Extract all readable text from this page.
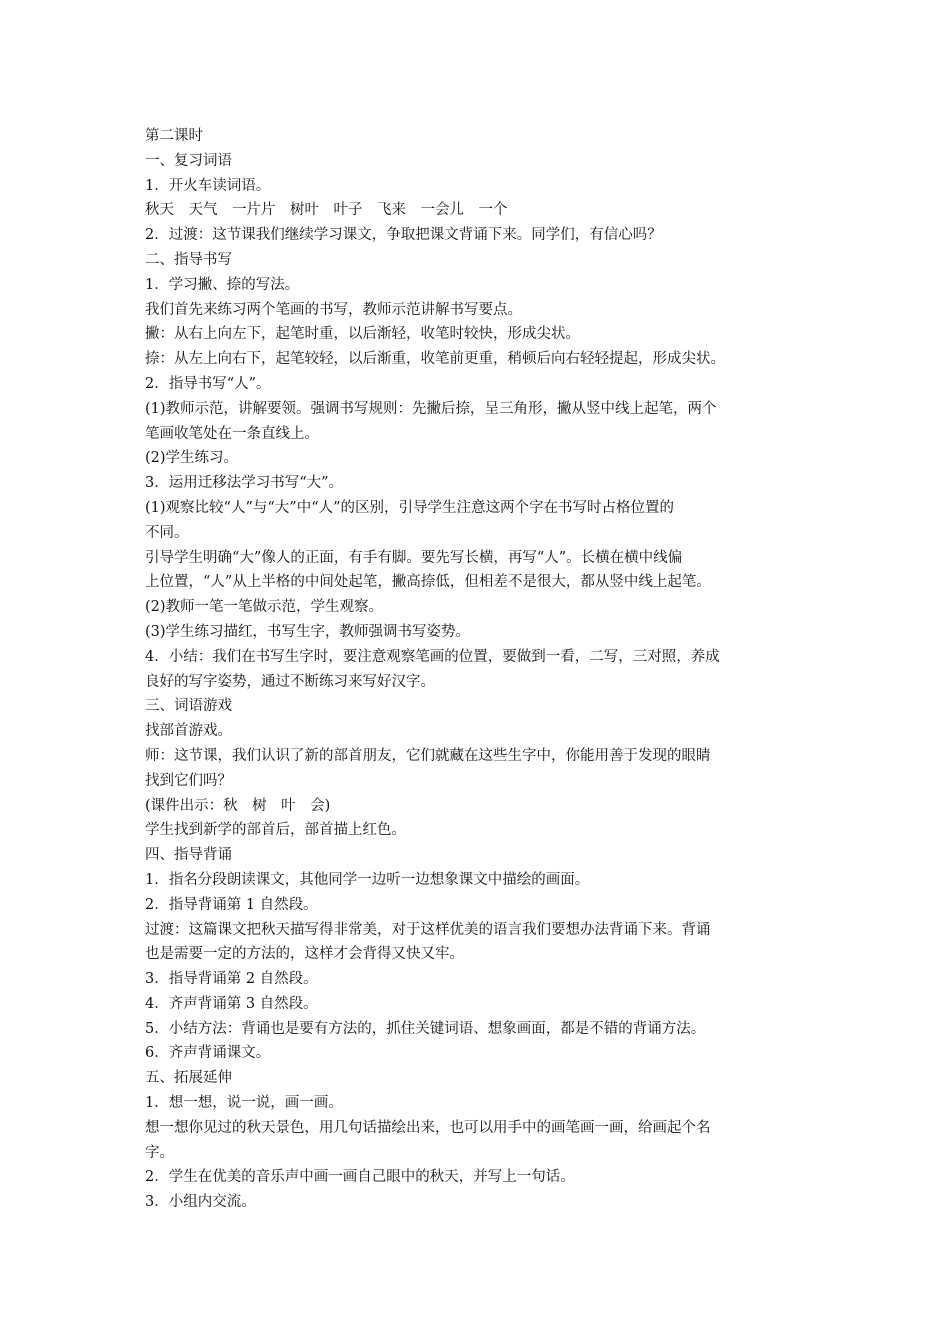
第二课时

一、复习词语

1．开火车读词语。

秋天　天气　一片片　树叶　叶子　飞来　一会儿　一个

2．过渡：这节课我们继续学习课文，争取把课文背诵下来。同学们，有信心吗？

二、指导书写

1．学习撇、捺的写法。

我们首先来练习两个笔画的书写，教师示范讲解书写要点。

撇：从右上向左下，起笔时重，以后渐轻，收笔时较快，形成尖状。

捺：从左上向右下，起笔较轻，以后渐重，收笔前更重，稍顿后向右轻轻提起，形成尖状。

2．指导书写“人”。

(1)教师示范，讲解要领。强调书写规则：先撇后捺，呈三角形，撇从竖中线上起笔，两个

笔画收笔处在一条直线上。

(2)学生练习。

3．运用迁移法学习书写“大”。

(1)观察比较“人”与“大”中“人”的区别，引导学生注意这两个字在书写时占格位置的

不同。

引导学生明确“大”像人的正面，有手有脚。要先写长横，再写“人”。长横在横中线偏

上位置，“人”从上半格的中间处起笔，撇高捺低，但相差不是很大，都从竖中线上起笔。

(2)教师一笔一笔做示范，学生观察。

(3)学生练习描红，书写生字，教师强调书写姿势。

4．小结：我们在书写生字时，要注意观察笔画的位置，要做到一看，二写，三对照，养成

良好的写字姿势，通过不断练习来写好汉字。

三、词语游戏

找部首游戏。

师：这节课，我们认识了新的部首朋友，它们就藏在这些生字中，你能用善于发现的眼睛

找到它们吗？

(课件出示：秋　树　叶　会)

学生找到新学的部首后，部首描上红色。

四、指导背诵

1．指名分段朗读课文，其他同学一边听一边想象课文中描绘的画面。

2．指导背诵第 1 自然段。

过渡：这篇课文把秋天描写得非常美，对于这样优美的语言我们要想办法背诵下来。背诵

也是需要一定的方法的，这样才会背得又快又牢。

3．指导背诵第 2 自然段。

4．齐声背诵第 3 自然段。

5．小结方法：背诵也是要有方法的，抓住关键词语、想象画面，都是不错的背诵方法。

6．齐声背诵课文。

五、拓展延伸

1．想一想，说一说，画一画。

想一想你见过的秋天景色，用几句话描绘出来，也可以用手中的画笔画一画，给画起个名

字。

2．学生在优美的音乐声中画一画自己眼中的秋天，并写上一句话。

3．小组内交流。
